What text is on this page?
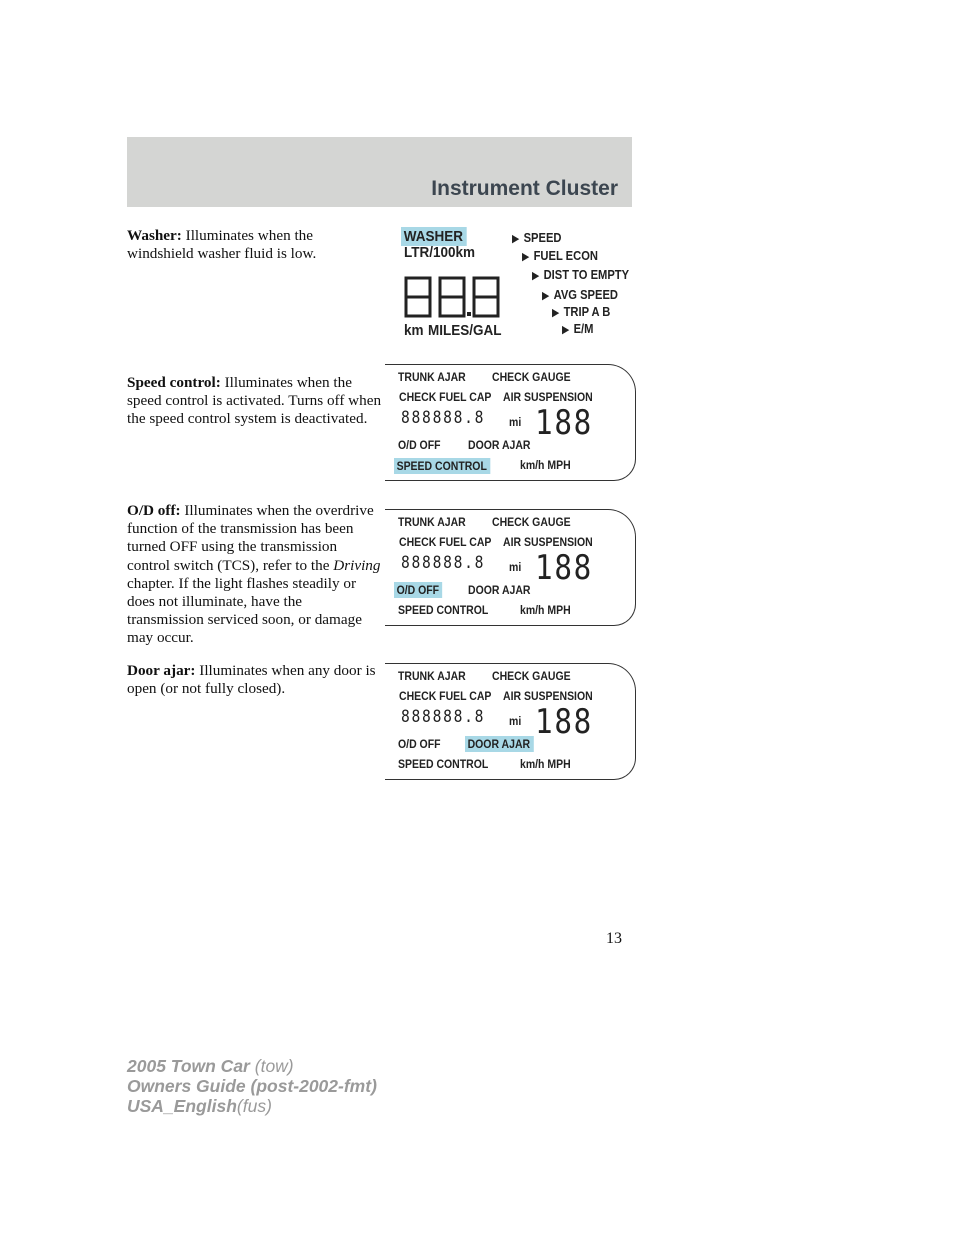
Instrument Cluster

Washer: Illuminates when the windshield washer fluid is low.

Speed control: Illuminates when the speed control is activated. Turns off when the speed control system is deactivated.

O/D off: Illuminates when the overdrive function of the transmission has been turned OFF using the transmission control switch (TCS), refer to the Driving chapter. If the light flashes steadily or does not illuminate, have the transmission serviced soon, or damage may occur.

Door ajar: Illuminates when any door is open (or not fully closed).

WASHER
LTR/100km
km MILES/GAL
▶ SPEED
▶ FUEL ECON
▶ DIST TO EMPTY
▶ AVG SPEED
▶ TRIP A B
▶ E/M
TRUNK AJAR CHECK GAUGE
CHECK FUEL CAP AIR SUSPENSION
888888.8 mi 188
O/D OFF DOOR AJAR
SPEED CONTROL	km/h MPH
TRUNK AJAR CHECK GAUGE
CHECK FUEL CAP AIR SUSPENSION
888888.8 mi 188
O/D OFF DOOR AJAR
SPEED CONTROL	km/h MPH
TRUNK AJAR CHECK GAUGE
CHECK FUEL CAP AIR SUSPENSION
888888.8 mi 188
O/D OFF DOOR AJAR
SPEED CONTROL	km/h MPH
13
2005 Town Car (tow)
Owners Guide (post-2002-fmt)
USA_English(fus)
